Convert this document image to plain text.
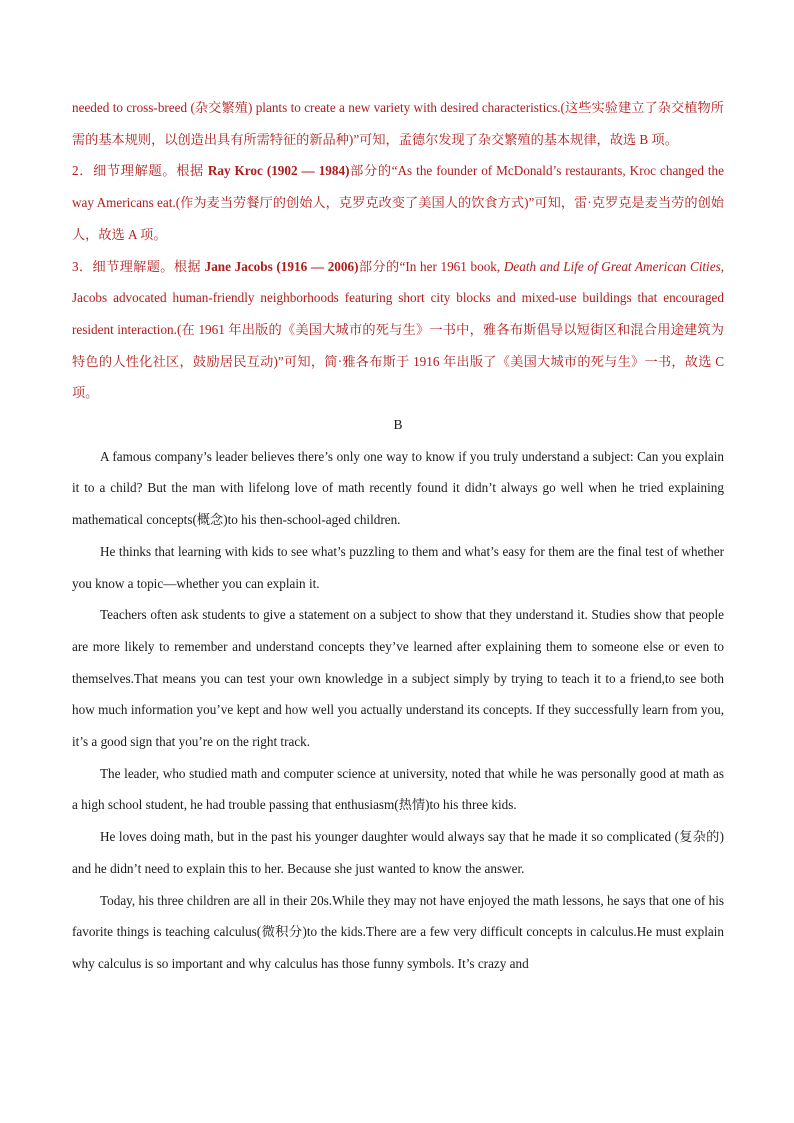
needed to cross-breed (杂交繁殖) plants to create a new variety with desired characteristics.(这些实验建立了杂交植物所需的基本规则，以创造出具有所需特征的新品种)”可知，孟德尔发现了杂交繁殖的基本规律，故选 B 项。

2．细节理解题。根据 Ray Kroc (1902 — 1984)部分的“As the founder of McDonald’s restaurants, Kroc changed the way Americans eat.(作为麦当劳餐厅的创始人，克罗克改变了美国人的饮食方式)”可知，雷·克罗克是麦当劳的创始人，故选 A 项。

3．细节理解题。根据 Jane Jacobs (1916 — 2006)部分的“In her 1961 book, Death and Life of Great American Cities, Jacobs advocated human-friendly neighborhoods featuring short city blocks and mixed-use buildings that encouraged resident interaction.(在 1961 年出版的《美国大城市的死与生》一书中，雅各布斯倡导以短街区和混合用途建筑为特色的人性化社区，鼓励居民互动)”可知，简·雅各布斯于 1916 年出版了《美国大城市的死与生》一书，故选 C 项。

B

A famous company’s leader believes there’s only one way to know if you truly understand a subject: Can you explain it to a child? But the man with lifelong love of math recently found it didn’t always go well when he tried explaining mathematical concepts(概念)to his then-school-aged children.

He thinks that learning with kids to see what’s puzzling to them and what’s easy for them are the final test of whether you know a topic—whether you can explain it.

Teachers often ask students to give a statement on a subject to show that they understand it. Studies show that people are more likely to remember and understand concepts they’ve learned after explaining them to someone else or even to themselves.That means you can test your own knowledge in a subject simply by trying to teach it to a friend,to see both how much information you’ve kept and how well you actually understand its concepts. If they successfully learn from you, it’s a good sign that you’re on the right track.

The leader, who studied math and computer science at university, noted that while he was personally good at math as a high school student, he had trouble passing that enthusiasm(热情)to his three kids.

He loves doing math, but in the past his younger daughter would always say that he made it so complicated (复杂的) and he didn’t need to explain this to her. Because she just wanted to know the answer.

Today, his three children are all in their 20s.While they may not have enjoyed the math lessons, he says that one of his favorite things is teaching calculus(微积分)to the kids.There are a few very difficult concepts in calculus.He must explain why calculus is so important and why calculus has those funny symbols. It’s crazy and
